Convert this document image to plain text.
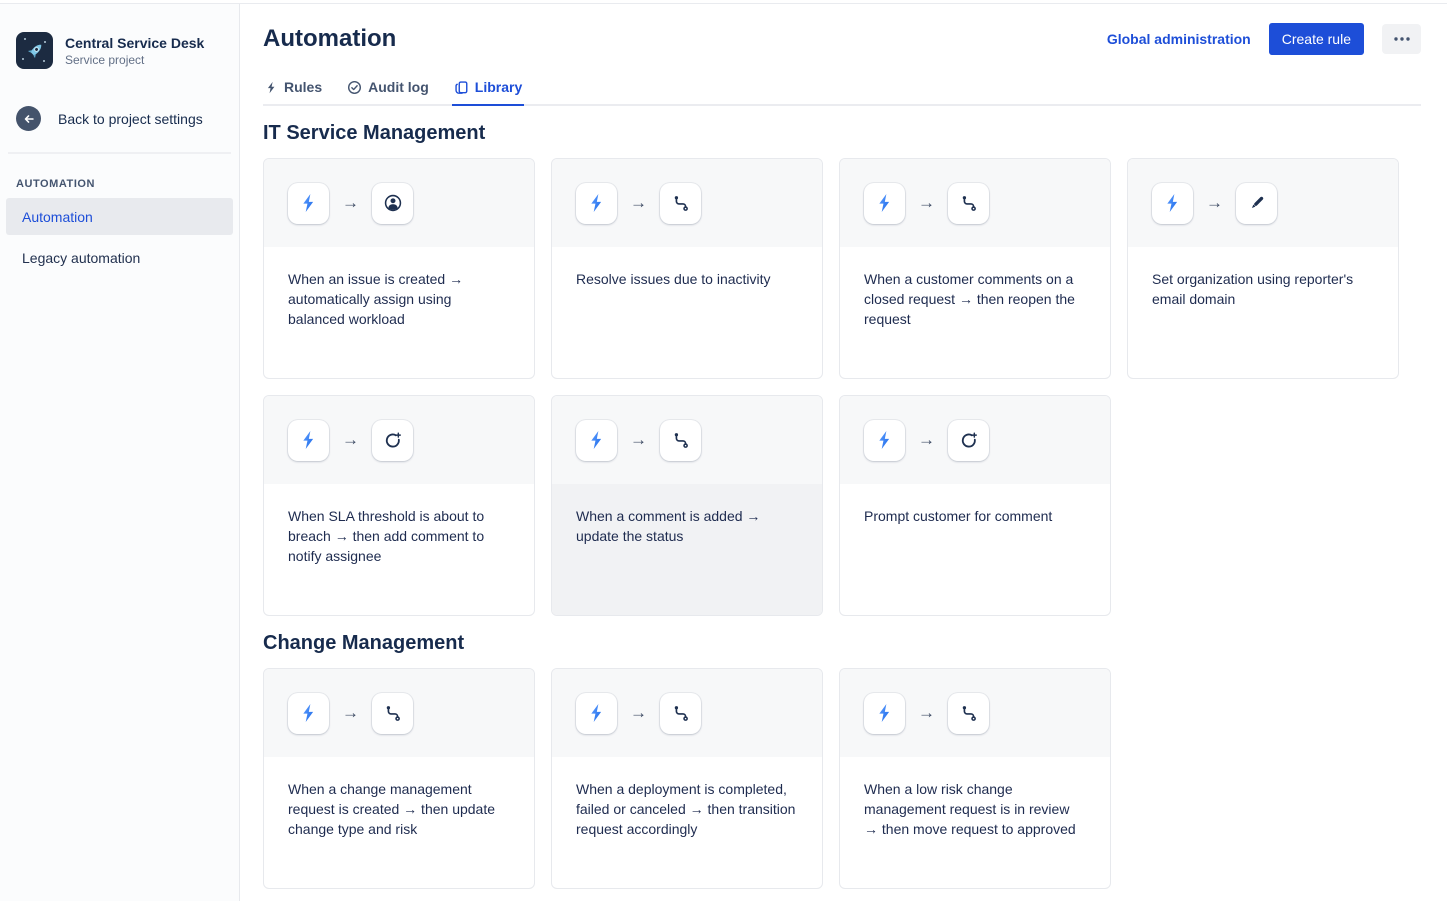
Central Service Desk
Service project
Back to project settings
AUTOMATION
Automation
Legacy automation
Automation	Global administration	Create rule
Rules	Audit log	Library
IT Service Management
→

When an issue is created → automatically assign using balanced workload

→

Resolve issues due to inactivity

→

When a customer comments on a closed request → then reopen the request

→

Set organization using reporter's email domain

→

When SLA threshold is about to breach → then add comment to notify assignee

→

When a comment is added → update the status

→

Prompt customer for comment

Change Management
→

When a change management request is created → then update change type and risk

→

When a deployment is completed, failed or canceled → then transition request accordingly

→

When a low risk change management request is in review → then move request to approved
